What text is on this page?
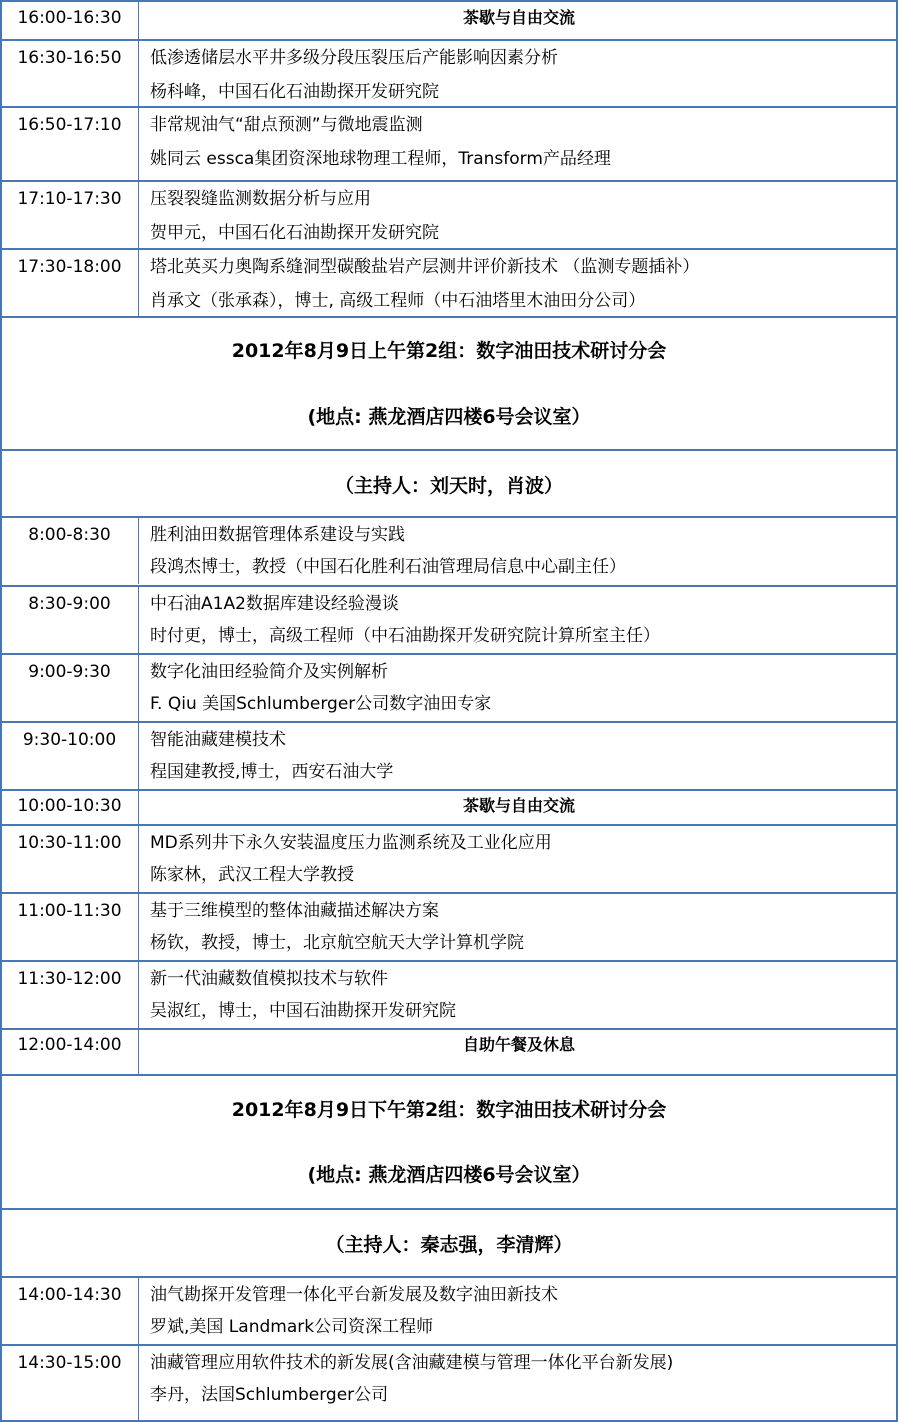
16:00-16:30	茶歇与自由交流
16:30-16:50	低渗透储层水平井多级分段压裂压后产能影响因素分析
杨科峰，中国石化石油勘探开发研究院
16:50-17:10	非常规油气“甜点预测”与微地震监测
姚同云 essca集团资深地球物理工程师，Transform产品经理
17:10-17:30	压裂裂缝监测数据分析与应用
贺甲元，中国石化石油勘探开发研究院
17:30-18:00	塔北英买力奥陶系缝洞型碳酸盐岩产层测井评价新技术 （监测专题插补）
肖承文（张承森），博士, 高级工程师（中石油塔里木油田分公司）
2012年8月9日上午第2组：数字油田技术研讨分会
(地点: 燕龙酒店四楼6号会议室）
（主持人：刘天时，肖波）
8:00-8:30	胜利油田数据管理体系建设与实践
段鸿杰博士，教授（中国石化胜利石油管理局信息中心副主任）
8:30-9:00	中石油A1A2数据库建设经验漫谈
时付更，博士，高级工程师（中石油勘探开发研究院计算所室主任）
9:00-9:30	数字化油田经验简介及实例解析
F. Qiu 美国Schlumberger公司数字油田专家
9:30-10:00	智能油藏建模技术
程国建教授,博士，西安石油大学
10:00-10:30	茶歇与自由交流
10:30-11:00	MD系列井下永久安装温度压力监测系统及工业化应用
陈家林，武汉工程大学教授
11:00-11:30	基于三维模型的整体油藏描述解决方案
杨钦，教授，博士，北京航空航天大学计算机学院
11:30-12:00	新一代油藏数值模拟技术与软件
吴淑红，博士，中国石油勘探开发研究院
12:00-14:00	自助午餐及休息
2012年8月9日下午第2组：数字油田技术研讨分会
(地点: 燕龙酒店四楼6号会议室）
（主持人：秦志强，李清辉）
14:00-14:30	油气勘探开发管理一体化平台新发展及数字油田新技术
罗斌,美国 Landmark公司资深工程师
14:30-15:00	油藏管理应用软件技术的新发展(含油藏建模与管理一体化平台新发展)
李丹，法国Schlumberger公司
